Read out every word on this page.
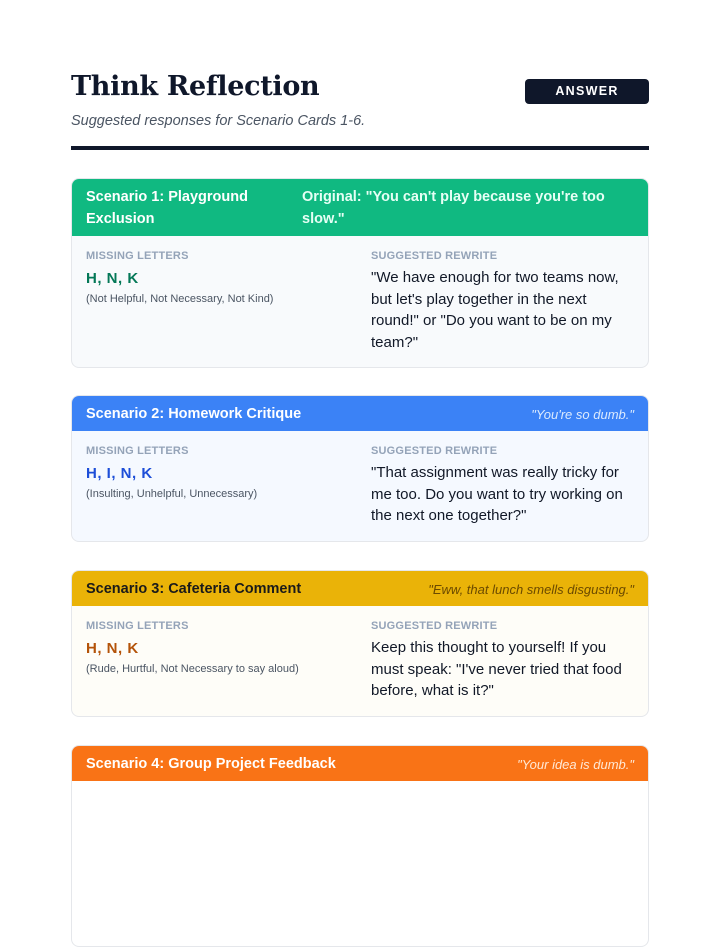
Think Reflection	ANSWER KEY

Suggested responses for Scenario Cards 1-6.

Scenario 1: Playground Exclusion
Original: "You can't play because you're too slow."
MISSING LETTERS
H, N, K
(Not Helpful, Not Necessary, Not Kind)
SUGGESTED REWRITE
"We have enough for two teams now, but let's play together in the next round!" or "Do you want to be on my team?"
Scenario 2: Homework Critique	"You're so dumb."
MISSING LETTERS
H, I, N, K
(Insulting, Unhelpful, Unnecessary)
SUGGESTED REWRITE
"That assignment was really tricky for me too. Do you want to try working on the next one together?"
Scenario 3: Cafeteria Comment	"Eww, that lunch smells disgusting."
MISSING LETTERS
H, N, K
(Rude, Hurtful, Not Necessary to say aloud)
SUGGESTED REWRITE
Keep this thought to yourself! If you must speak: "I've never tried that food before, what is it?"
Scenario 4: Group Project Feedback	"Your idea is dumb."
